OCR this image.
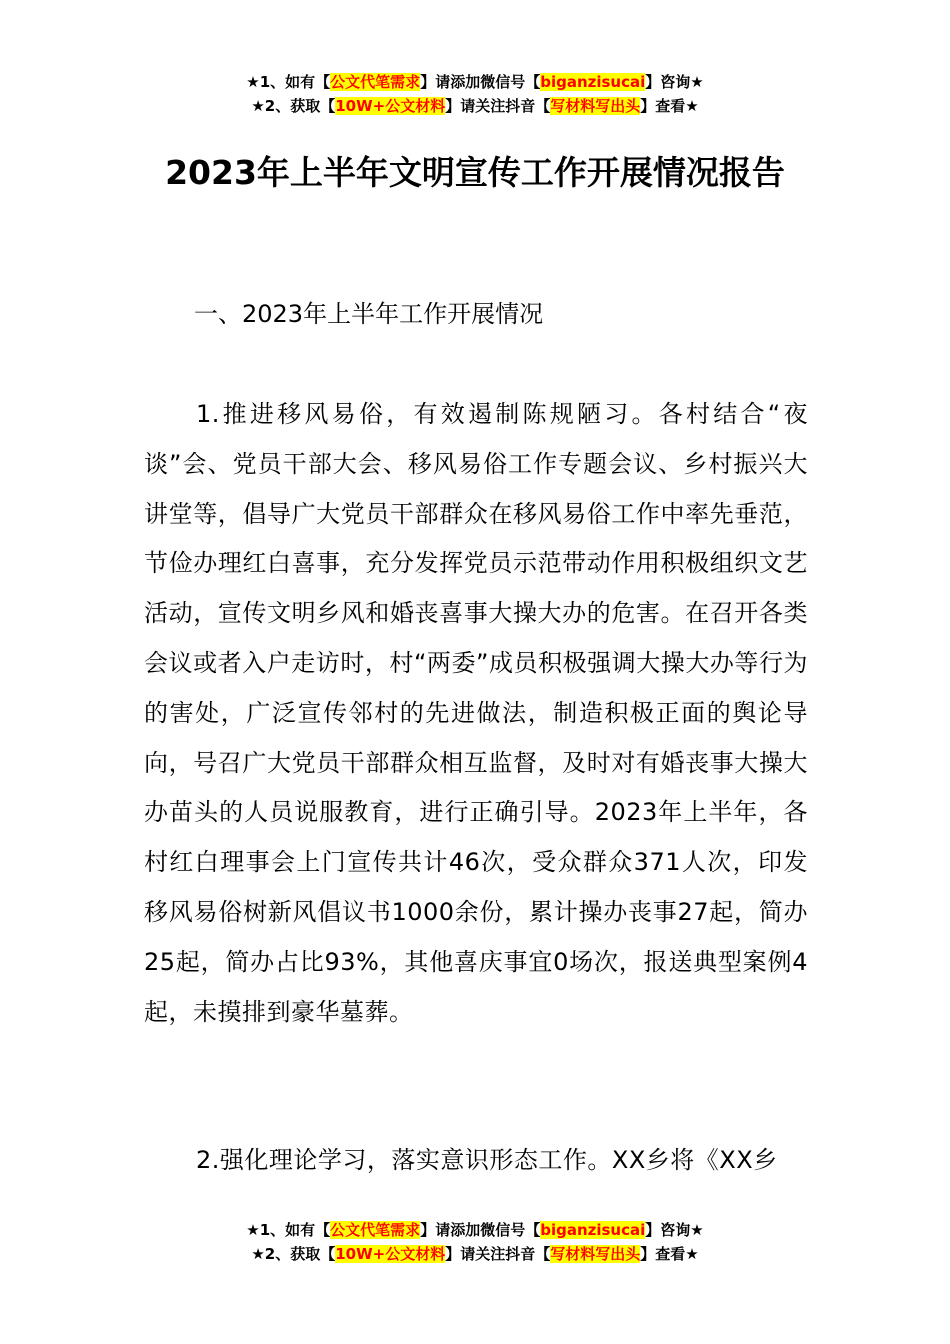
★1、如有【公文代笔需求】请添加微信号【biganzisucai】咨询★
★2、获取【10W+公文材料】请关注抖音【写材料写出头】查看★
2023年上半年文明宣传工作开展情况报告
一、2023年上半年工作开展情况
1.推进移风易俗，有效遏制陈规陋习。各村结合“夜谈”会、党员干部大会、移风易俗工作专题会议、乡村振兴大讲堂等，倡导广大党员干部群众在移风易俗工作中率先垂范，节俭办理红白喜事，充分发挥党员示范带动作用积极组织文艺活动，宣传文明乡风和婚丧喜事大操大办的危害。在召开各类会议或者入户走访时，村“两委”成员积极强调大操大办等行为的害处，广泛宣传邻村的先进做法，制造积极正面的舆论导向，号召广大党员干部群众相互监督，及时对有婚丧事大操大办苗头的人员说服教育，进行正确引导。2023年上半年，各村红白理事会上门宣传共计46次，受众群众371人次，印发移风易俗树新风倡议书1000余份，累计操办丧事27起，简办25起，简办占比93%，其他喜庆事宜0场次，报送典型案例4起，未摸排到豪华墓葬。
2.强化理论学习，落实意识形态工作。XX乡将《XX乡
★1、如有【公文代笔需求】请添加微信号【biganzisucai】咨询★
★2、获取【10W+公文材料】请关注抖音【写材料写出头】查看★
